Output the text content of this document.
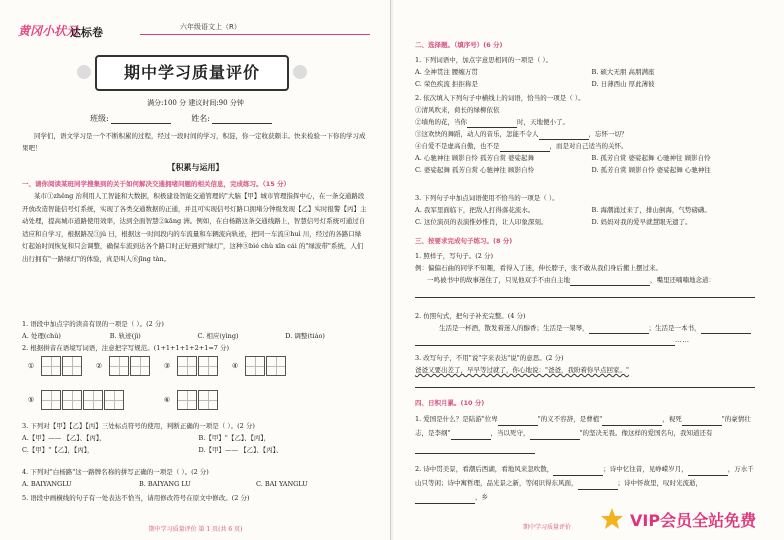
黄冈小状元
达标卷	六年级语文上（R）
期中学习质量评价
满分:100 分 建议时间:90 分钟
班级:	姓名:
同学们，语文学习是一个不断积累的过程，经过一段时间的学习，积淀，你一定收获颇丰。快来检验一下你的学习成果吧！
【积累与运用】
一、请你阅读某班同学搜集到的关于如何解决交通拥堵问题的相关信息，完成练习。（15 分）
某市①zhěng 治利用人工智能和大数据，积极建设智能交通管理的"大脑【甲】城市管理指挥中心，在一条交通路段开放改造智能信号灯系统，实现了各类交通数据的正通，并且可实现信号灯路口拥堵分钟级发现【乙】实时报警【丙】主动处理，提高城市道路使用效率，达到全面智慧②kāng 洲。例如，在白杨路这条交通线路上，智慧信号灯系统可通过自适应和自学习，根据路况③jǔ 日，根据这一时间段内的车流量和车辆流向轨迹，把同一车流④huì 川，经过的各路口绿灯起始时间恢复和只会调整，确保车流到达各个路口时正好遇到"绿灯"，这种⑤bié chù xīn cái 的"绿波带"系统，人们出行拥有"一路绿灯"的体验，真是叫人⑥jīng tàn。
1. 语段中加点字的读音有误的一项是（ ）。(2 分)
A. 处理(chǔ)	B. 轨迹(jì)	C. 相应(yìng)	D. 调整(tiáo)
2. 根据拼音在语境写词语，注意把字写规范。(1+1+1+1+2+1=7 分)
①	②	③	④
⑤	⑥
3. 下列对【甲】【乙】【丙】三处标点符号的使用，判断正确的一项是（ ）。(2 分)
A.【甲】—— 【乙】、【丙】，	B.【甲】"【乙】、【丙】，
C.【甲】"【乙】，【丙】，	D.【甲】—— 【乙】、【丙】、
4. 下列对"白杨路"这一路牌名称的拼写正确的一项是（ ）。(2 分)
A. BAIYANGLU	B. BAIYANG LU	C. BAI YANGLU
5. 语段中画横线的句子有一处表达不恰当，请用修改符号在原文中修改。(2 分)
期中学习质量评价 第 1 页(共 6 页)
二、选择题。（填序号）(6 分)
1. 下列词语中，加点字意思相同的一项是（ ）。
A. 全神贯注 腰缠万贯	B. 硕大无朋 高朋满座
C. 荣色疾流 拒拒称是	D. 日薄西山 厚此薄彼
2. 依次填入下列句子中横线上的词语，恰当的一项是（ ）。
①清风吹来，荷长的绿柳依依
②墙角的花，当你	时，天地便小了。
③这欢快的舞蹈，动人的音乐，怎能不令人	，忘怀一切？
④自爱不是虚高自傲，也不是	，而是对自己适当的关怀。
A. 心驰神往 顾影自怜 孤芳自赏 婆娑起舞	B. 孤芳自赏 婆娑起舞 心驰神往 顾影自怜
C. 婆娑起舞 孤芳自赏 心驰神往 顾影自怜	D. 孤芳自赏 顾影自怜 婆娑起舞 心驰神往
3. 下列句子中加点词语使用不恰当的一项是（ ）。
A. 我军里面临下，把敌人打得落花流水。	B. 海潮涌过来了，排山倒海，气势磅礴。
C. 这位演员的表演惟妙惟肖，让人印象深刻。	D. 妈妈对我的爱早就慧眼无遗了。
三、按要求完成句子练习。(8 分)
1. 照样子，写句子。(2 分)
例：偏偏石曲的同学不知趣，看得入了迷，伸长脖子，张不敢从我们身后搬上摆过来。
一鸣被书中的故事迷住了，只见他双手不由自主地	，嘴里还喃喃地念道：
2. 仿照句式，把句子补充完整。(4 分)
生活是一杯酒，散发着迷人的醇香；生活是一架琴，	；生活是一本书，
……
3. 改写句子，不用"说"字来表达"说"的意思。(2 分)
爸爸又要出差了，早早等过就了，你心地说："爸爸，我盼着你早点回家。"
四、日积月累。(10 分)
1. 爱国是什么？是陆游"位卑	"的义不容辞，是曹植"	，视死	"的豪情壮志，是李纲"	，当以死守，	"的坚决无畏。像这样的爱国名句，我知道还有
2. 诗中贯美景，看潮后西湖，看地风来忽吹散，	；诗中忆往昔，见峥嵘岁月，	，万水千山只等闲；诗中寓哲理，品光景之新，等闲识得东风面，	；诗中怀故里，叹时光流逝，，乡
期中学习质量评价	VIP会员全站免费
